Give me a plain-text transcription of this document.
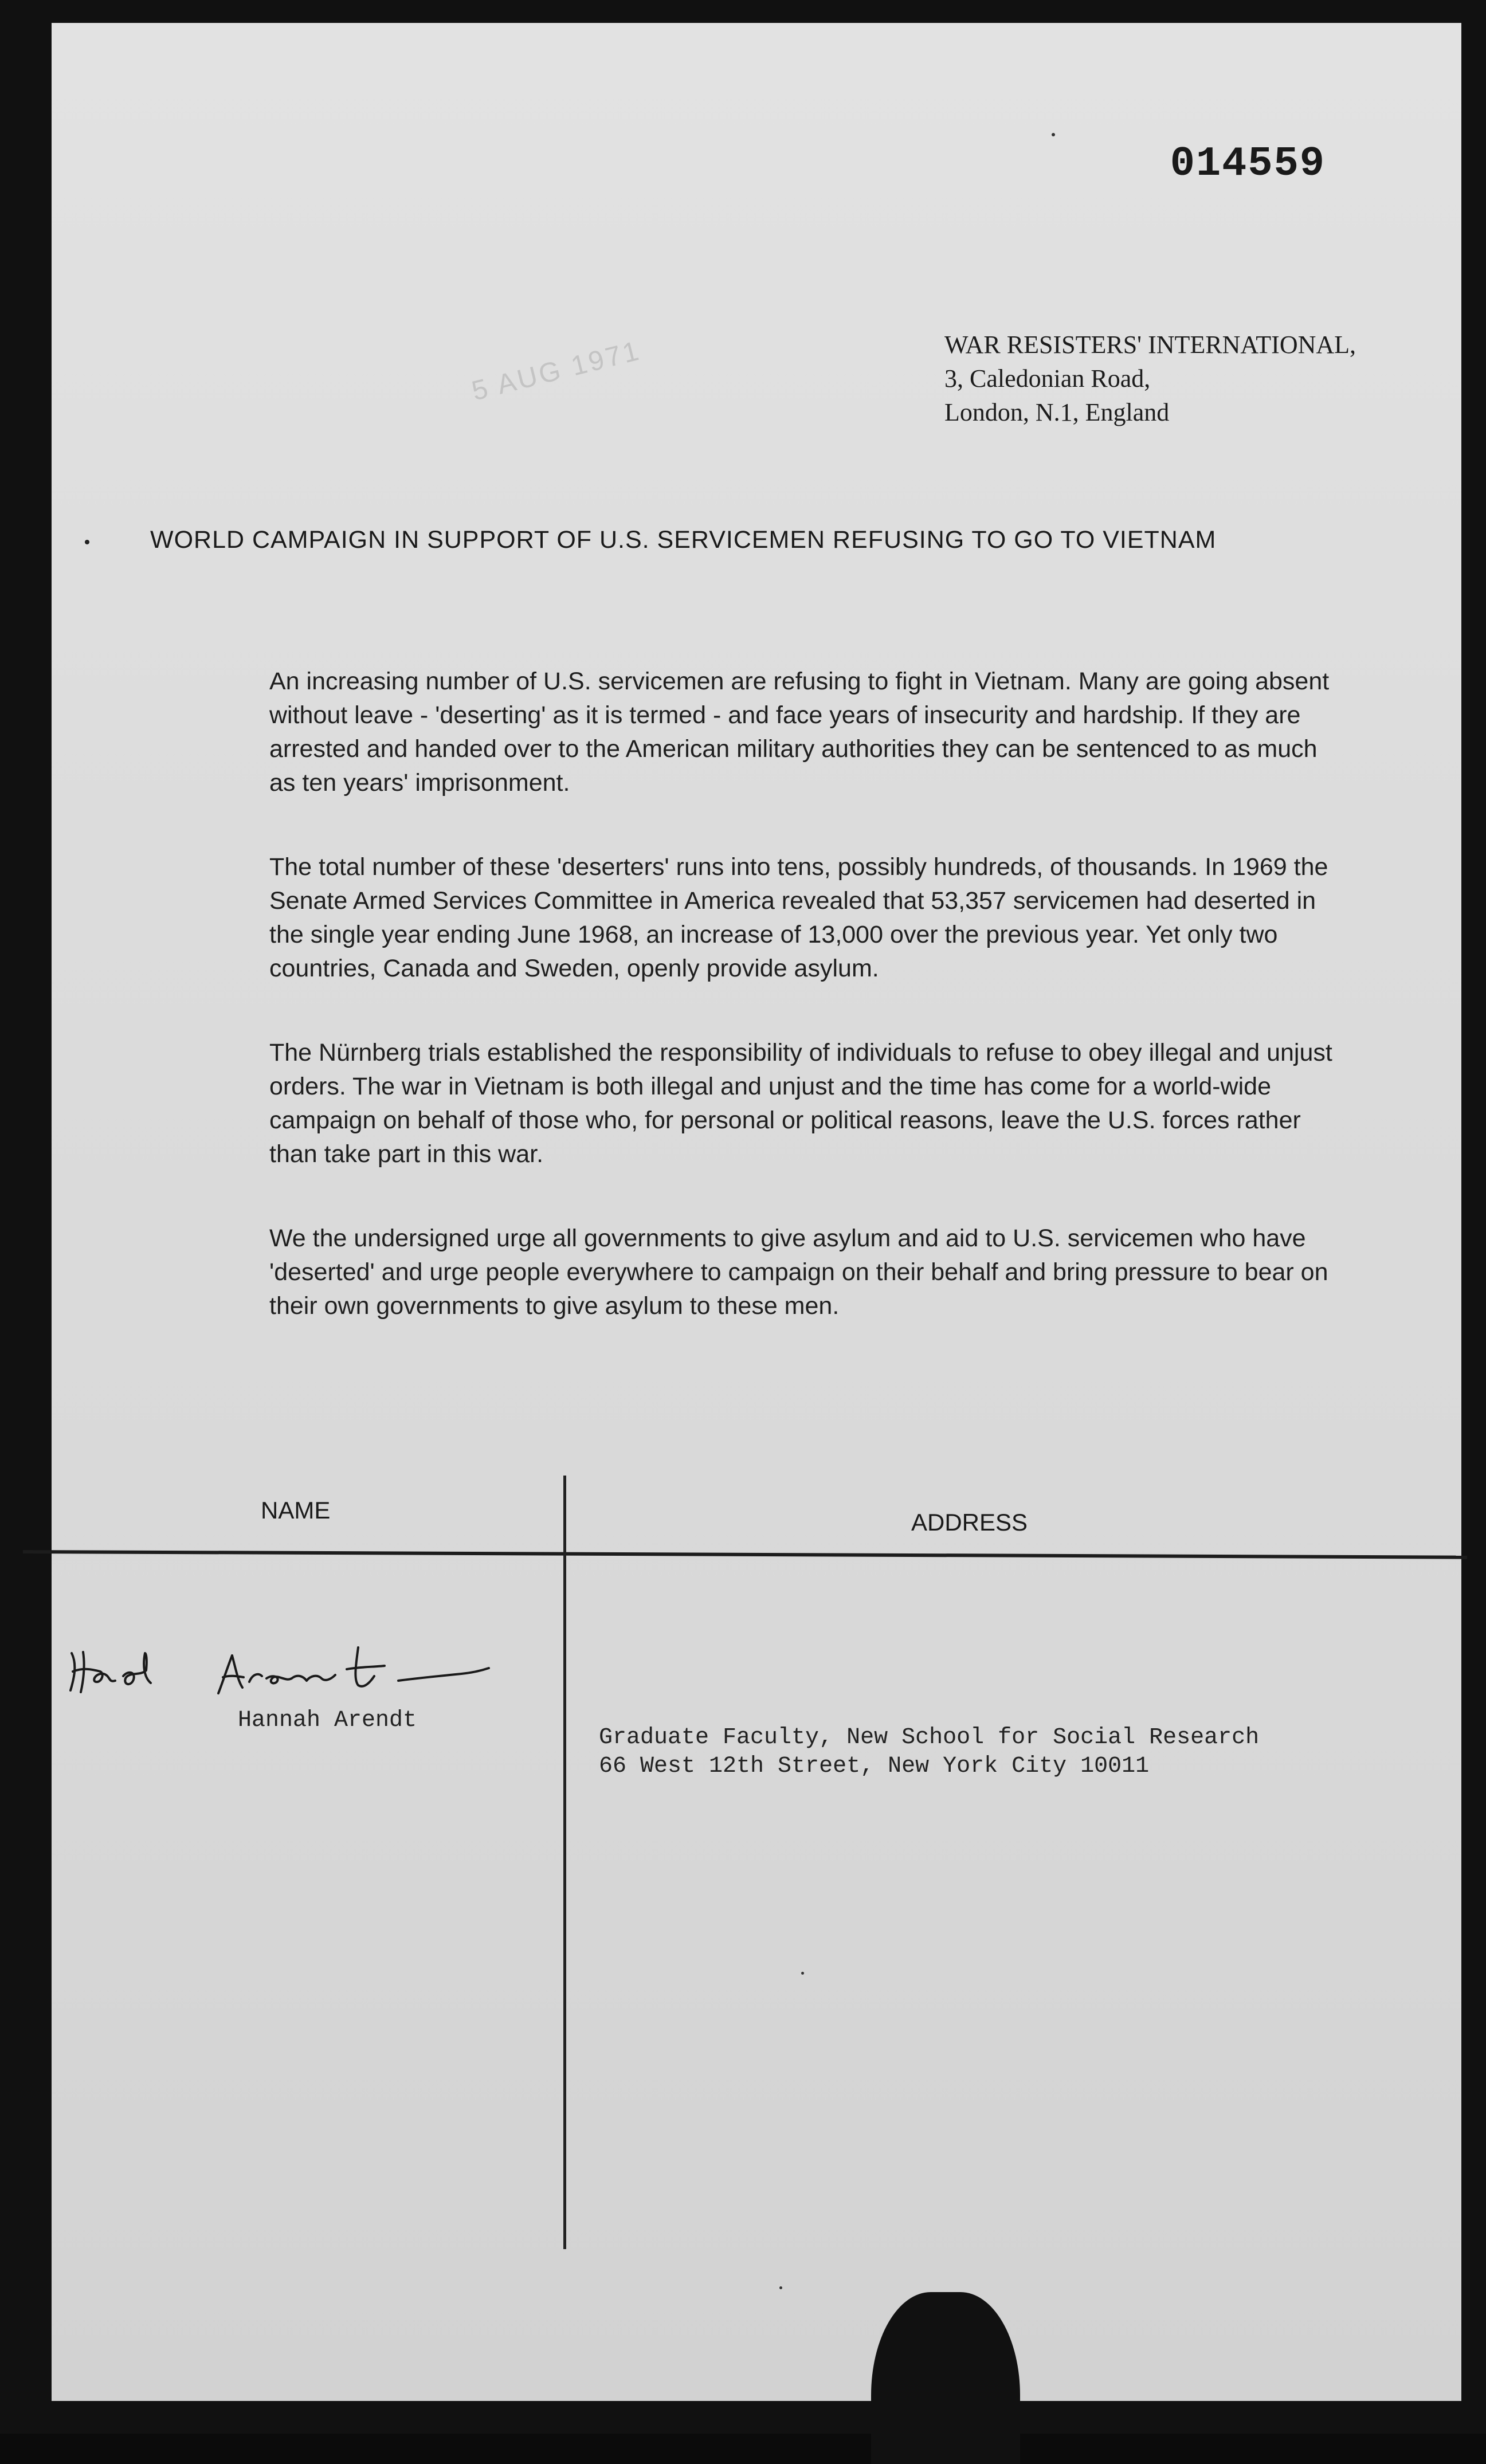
014559
5 AUG 1971	WAR RESISTERS' INTERNATIONAL,
3, Caledonian Road,
London, N.1, England
WORLD CAMPAIGN IN SUPPORT OF U.S. SERVICEMEN REFUSING TO GO TO VIETNAM

An increasing number of U.S. servicemen are refusing to fight in Vietnam. Many are going absent without leave - 'deserting' as it is termed - and face years of insecurity and hardship. If they are arrested and handed over to the American military authorities they can be sentenced to as much as ten years' imprisonment.

The total number of these 'deserters' runs into tens, possibly hundreds, of thousands. In 1969 the Senate Armed Services Committee in America revealed that 53,357 servicemen had deserted in the single year ending June 1968, an increase of 13,000 over the previous year. Yet only two countries, Canada and Sweden, openly provide asylum.

The Nürnberg trials established the responsibility of individuals to refuse to obey illegal and unjust orders. The war in Vietnam is both illegal and unjust and the time has come for a world-wide campaign on behalf of those who, for personal or political reasons, leave the U.S. forces rather than take part in this war.

We the undersigned urge all governments to give asylum and aid to U.S. servicemen who have 'deserted' and urge people everywhere to campaign on their behalf and bring pressure to bear on their own governments to give asylum to these men.

NAME	ADDRESS
Hannah Arendt
Graduate Faculty, New School for Social Research
66 West 12th Street, New York City 10011
